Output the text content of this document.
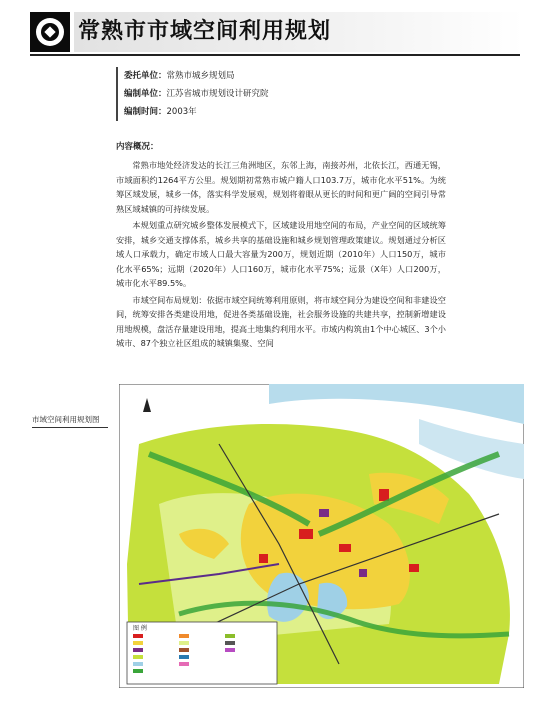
常熟市市域空间利用规划
委托单位：常熟市城乡规划局
编制单位：江苏省城市规划设计研究院
编制时间：2003年
内容概况：

常熟市地处经济发达的长江三角洲地区，东邻上海，南接苏州，北依长江，西通无锡，市域面积约1264平方公里。规划期初常熟市城户籍人口103.7万，城市化水平51%。为统筹区域发展，城乡一体，落实科学发展观，规划将着眼从更长的时间和更广阔的空间引导常熟区域城镇的可持续发展。

本规划重点研究城乡整体发展模式下，区域建设用地空间的布局，产业空间的区域统筹安排，城乡交通支撑体系，城乡共享的基础设施和城乡规划管理政策建议。规划通过分析区域人口承载力，确定市域人口最大容量为200万，规划近期（2010年）人口150万，城市化水平65%；远期（2020年）人口160万，城市化水平75%；远景（X年）人口200万，城市化水平89.5%。

市域空间布局规划：依据市域空间统筹利用原则，将市域空间分为建设空间和非建设空间，统筹安排各类建设用地，促进各类基础设施，社会服务设施的共建共享，控制新增建设用地规模，盘活存量建设用地，提高土地集约利用水平。市域内构筑由1个中心城区、3个小城市、87个独立社区组成的城镇集聚、空间

市域空间利用规划图
图 例
